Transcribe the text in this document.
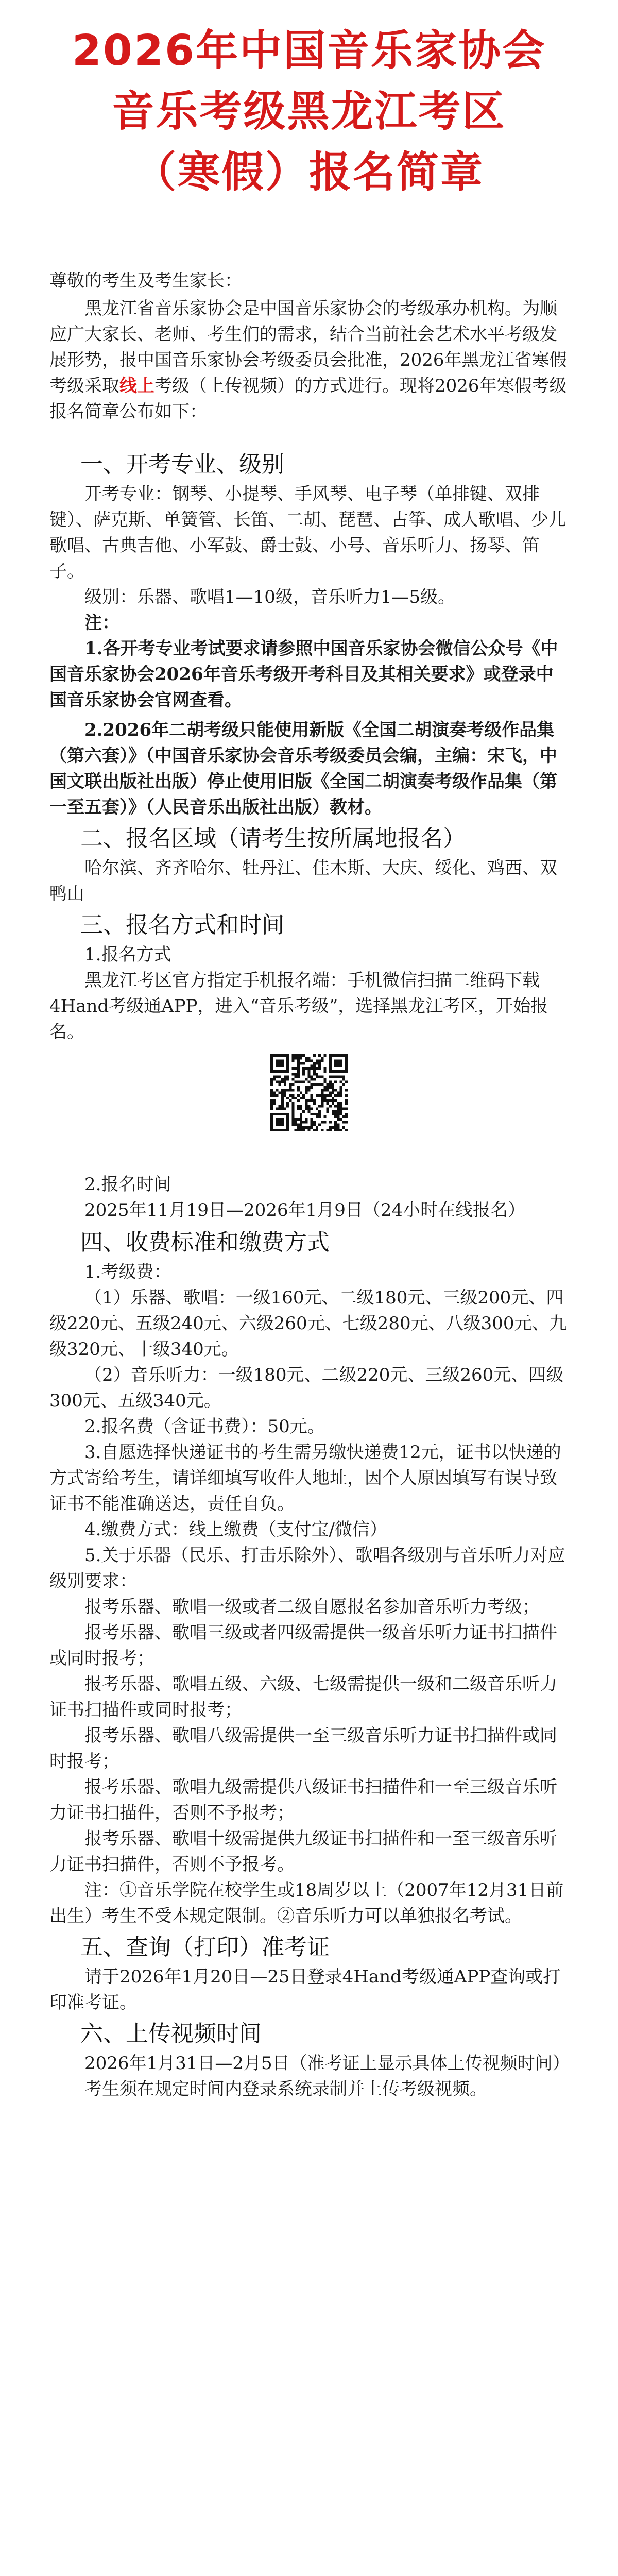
2026年中国音乐家协会
音乐考级黑龙江考区
（寒假）报名简章

尊敬的考生及考生家长：

黑龙江省音乐家协会是中国音乐家协会的考级承办机构。为顺应广大家长、老师、考生们的需求，结合当前社会艺术水平考级发展形势，报中国音乐家协会考级委员会批准，2026年黑龙江省寒假考级采取线上考级（上传视频）的方式进行。现将2026年寒假考级报名简章公布如下：

一、开考专业、级别

开考专业：钢琴、小提琴、手风琴、电子琴（单排键、双排键）、萨克斯、单簧管、长笛、二胡、琵琶、古筝、成人歌唱、少儿歌唱、古典吉他、小军鼓、爵士鼓、小号、音乐听力、扬琴、笛子。

级别：乐器、歌唱1—10级，音乐听力1—5级。

注：

1.各开考专业考试要求请参照中国音乐家协会微信公众号《中国音乐家协会2026年音乐考级开考科目及其相关要求》或登录中国音乐家协会官网查看。

2.2026年二胡考级只能使用新版《全国二胡演奏考级作品集（第六套）》（中国音乐家协会音乐考级委员会编，主编：宋飞，中国文联出版社出版）停止使用旧版《全国二胡演奏考级作品集（第一至五套）》（人民音乐出版社出版）教材。

二、报名区域（请考生按所属地报名）

哈尔滨、齐齐哈尔、牡丹江、佳木斯、大庆、绥化、鸡西、双鸭山

三、报名方式和时间

1.报名方式

黑龙江考区官方指定手机报名端：手机微信扫描二维码下载4Hand考级通APP，进入“音乐考级”，选择黑龙江考区，开始报名。

2.报名时间

2025年11月19日—2026年1月9日（24小时在线报名）

四、收费标准和缴费方式

1.考级费：

（1）乐器、歌唱：一级160元、二级180元、三级200元、四级220元、五级240元、六级260元、七级280元、八级300元、九级320元、十级340元。

（2）音乐听力：一级180元、二级220元、三级260元、四级300元、五级340元。

2.报名费（含证书费）：50元。

3.自愿选择快递证书的考生需另缴快递费12元，证书以快递的方式寄给考生，请详细填写收件人地址，因个人原因填写有误导致证书不能准确送达，责任自负。

4.缴费方式：线上缴费（支付宝/微信）

5.关于乐器（民乐、打击乐除外）、歌唱各级别与音乐听力对应级别要求：

报考乐器、歌唱一级或者二级自愿报名参加音乐听力考级；

报考乐器、歌唱三级或者四级需提供一级音乐听力证书扫描件或同时报考；

报考乐器、歌唱五级、六级、七级需提供一级和二级音乐听力证书扫描件或同时报考；

报考乐器、歌唱八级需提供一至三级音乐听力证书扫描件或同时报考；

报考乐器、歌唱九级需提供八级证书扫描件和一至三级音乐听力证书扫描件，否则不予报考；

报考乐器、歌唱十级需提供九级证书扫描件和一至三级音乐听力证书扫描件，否则不予报考。

注：①音乐学院在校学生或18周岁以上（2007年12月31日前出生）考生不受本规定限制。②音乐听力可以单独报名考试。

五、查询（打印）准考证

请于2026年1月20日—25日登录4Hand考级通APP查询或打印准考证。

六、上传视频时间

2026年1月31日—2月5日（准考证上显示具体上传视频时间）

考生须在规定时间内登录系统录制并上传考级视频。
